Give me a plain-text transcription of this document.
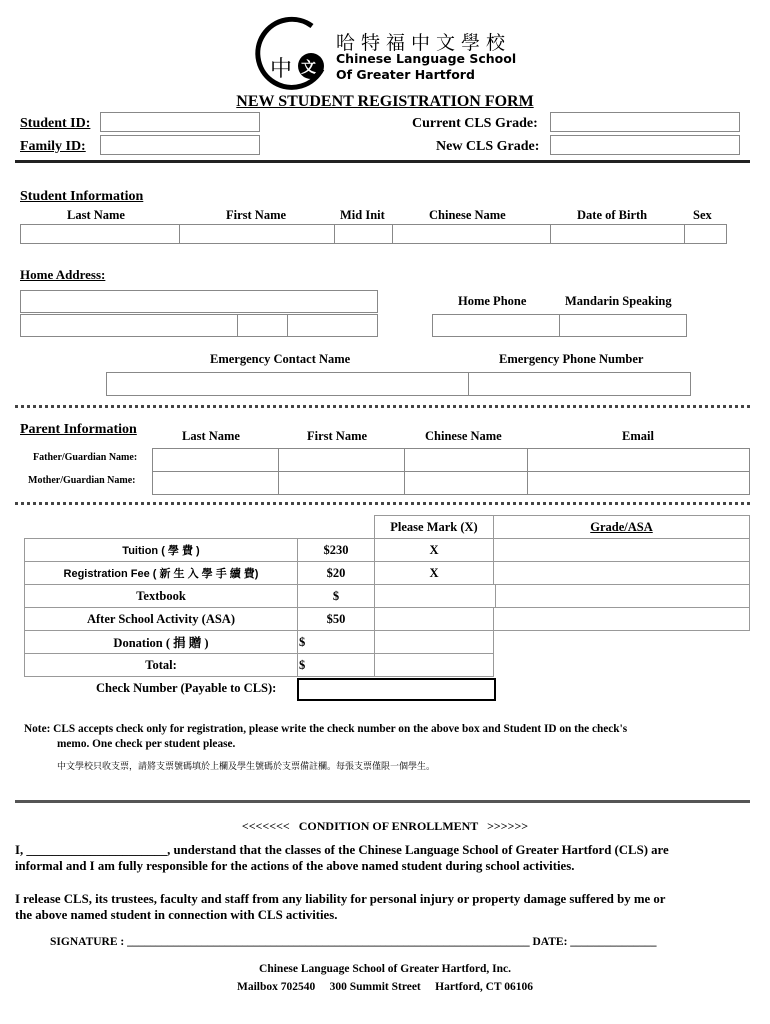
中 文
哈特福中文學校
Chinese Language School
Of Greater Hartford
NEW STUDENT REGISTRATION FORM
Student ID:
Family ID:
Current CLS Grade:
New CLS Grade:
Student Information
Last Name	First Name	Mid Init	Chinese Name	Date of Birth	Sex
Home Address:
Home Phone	Mandarin Speaking
Emergency Contact Name	Emergency Phone Number
Parent Information	Last Name	First Name	Chinese Name	Email
Father/Guardian Name:
Mother/Guardian Name:
Please Mark (X)	Grade/ASA
Tuition ( 學 費 )	$230	X
Registration Fee ( 新 生 入 學 手 續 費)	$20	X
Textbook	$
After School Activity (ASA)	$50
Donation ( 捐 贈 )	$
Total:	$
Check Number (Payable to CLS):
Note: CLS accepts check only for registration, please write the check number on the above box and Student ID on the check's
memo. One check per student please.
中文學校只收支票，請將支票號碼填於上欄及學生號碼於支票備註欄。每張支票僅限一個學生。
<<<<<<<   CONDITION OF ENROLLMENT   >>>>>>
I, ______________________, understand that the classes of the Chinese Language School of Greater Hartford (CLS) are
informal and I am fully responsible for the actions of the above named student during school activities.
I release CLS, its trustees, faculty and staff from any liability for personal injury or property damage suffered by me or
the above named student in connection with CLS activities.
SIGNATURE : ______________________________________________________________________ DATE: _______________
Chinese Language School of Greater Hartford, Inc.
Mailbox 702540     300 Summit Street     Hartford, CT 06106
